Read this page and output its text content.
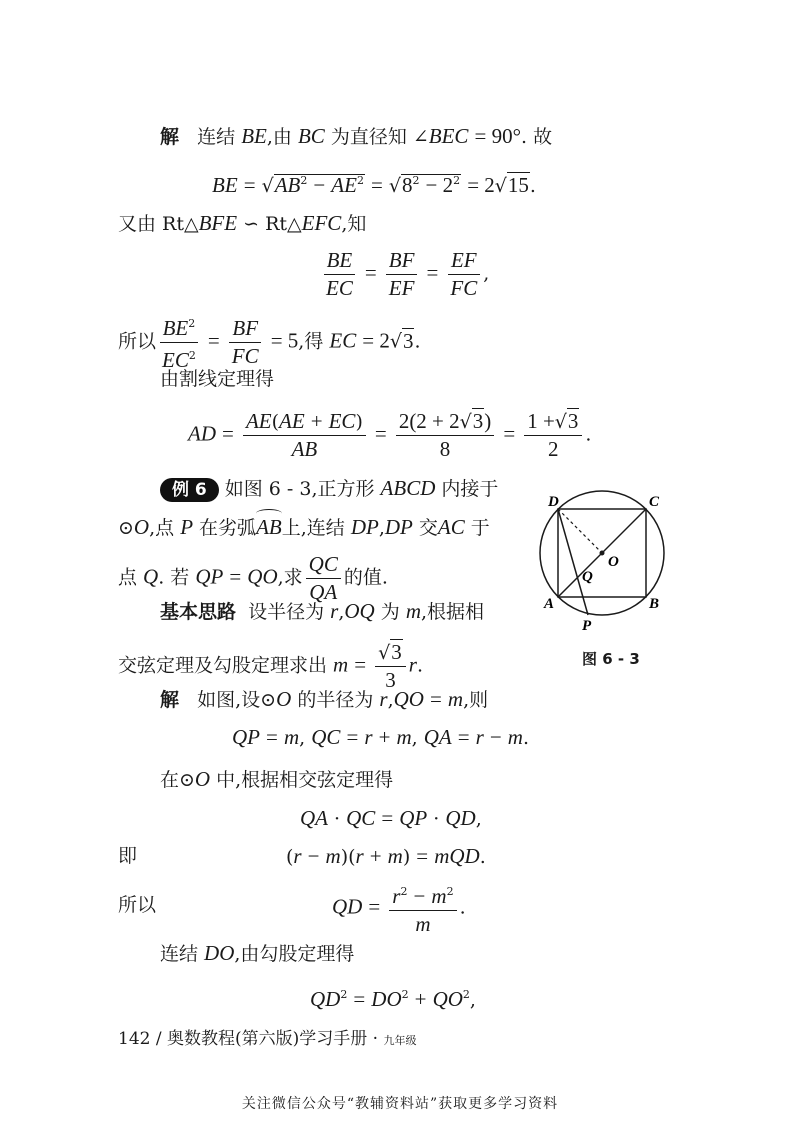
解   连结 BE,由 BC 为直径知 ∠BEC = 90°. 故
BE = $√AB^2 - AE^2 = √8^2 - 2^2 = 2√15$.
又由 Rt△BFE ∽ Rt△EFC,知
$\frac{BE}{EC} = \frac{BF}{EF} = \frac{EF}{FC}$ ,
所以 $\frac{BE^2}{EC^2} = \frac{BF}{FC} = 5$,得 EC = 2√3.
由割线定理得
AD = $\frac{AE(AE + EC)}{AB} = \frac{2(2 + 2√3)}{8} = \frac{1 +√3}{2}$ .
例 6 如图 6 - 3,正方形 ABCD 内接于
⊙O,点 P 在劣弧AB上,连结 DP,DP 交AC 于
点 Q. 若 QP = QO,求 $\frac{QC}{QA}$ 的值.
基本思路  设半径为 r,OQ 为 m,根据相
交弦定理及勾股定理求出 $m = \frac{√3}{3} r$.
D	C
O
Q
A	B
P
图 6 - 3
解   如图,设⊙O 的半径为 r,QO = m,则
QP = m, QC = r + m, QA = r − m.
在⊙O 中,根据相交弦定理得
QA · QC = QP · QD,
即	(r − m)(r + m) = mQD.
所以	QD = $\frac{r^2 - m^2}{m}$ .
连结 DO,由勾股定理得
$QD^2 = DO^2 + QO^2$,
142 / 奥数教程(第六版)学习手册 · 九年级
关注微信公众号“教辅资料站”获取更多学习资料
